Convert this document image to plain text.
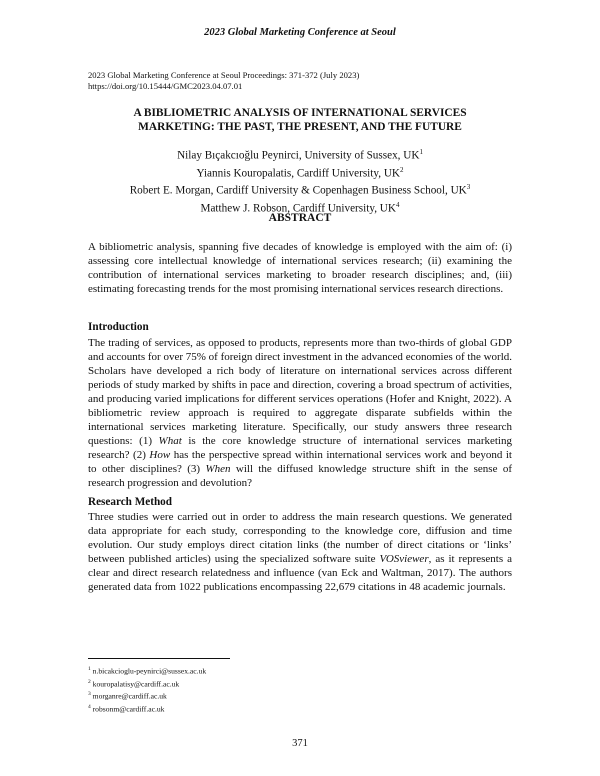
2023 Global Marketing Conference at Seoul
2023 Global Marketing Conference at Seoul Proceedings: 371-372 (July 2023)
https://doi.org/10.15444/GMC2023.04.07.01
A BIBLIOMETRIC ANALYSIS OF INTERNATIONAL SERVICES
MARKETING: THE PAST, THE PRESENT, AND THE FUTURE
Nilay Bıçakcıoğlu Peynirci, University of Sussex, $UK^1$
Yiannis Kouropalatis, Cardiff University, $UK^2$
Robert E. Morgan, Cardiff University & Copenhagen Business School, $UK^3$
Matthew J. Robson, Cardiff University, $UK^4$
ABSTRACT
A bibliometric analysis, spanning five decades of knowledge is employed with the aim of: (i) assessing core intellectual knowledge of international services research; (ii) examining the contribution of international services marketing to broader research disciplines; and, (iii) estimating forecasting trends for the most promising international services research directions.
Introduction
The trading of services, as opposed to products, represents more than two-thirds of global GDP and accounts for over 75% of foreign direct investment in the advanced economies of the world. Scholars have developed a rich body of literature on international services across different periods of study marked by shifts in pace and direction, covering a broad spectrum of activities, and producing varied implications for different services operations (Hofer and Knight, 2022). A bibliometric review approach is required to aggregate disparate subfields within the international services marketing literature. Specifically, our study answers three research questions: (1) What is the core knowledge structure of international services marketing research? (2) How has the perspective spread within international services work and beyond it to other disciplines? (3) When will the diffused knowledge structure shift in the sense of research progression and devolution?
Research Method
Three studies were carried out in order to address the main research questions. We generated data appropriate for each study, corresponding to the knowledge core, diffusion and time evolution. Our study employs direct citation links (the number of direct citations or ‘links’ between published articles) using the specialized software suite VOSviewer, as it represents a clear and direct research relatedness and influence (van Eck and Waltman, 2017). The authors generated data from 1022 publications encompassing 22,679 citations in 48 academic journals.
$^1$ n.bicakcioglu-peynirci@sussex.ac.uk
$^2$ kouropalatisy@cardiff.ac.uk
$^3$ morganre@cardiff.ac.uk
$^4$ robsonm@cardiff.ac.uk
371
